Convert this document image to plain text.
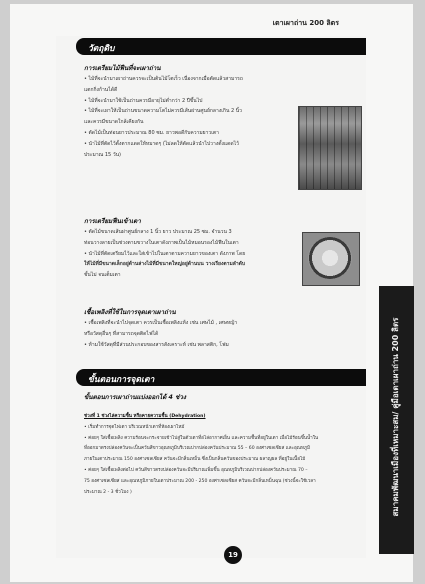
เตาเผาถ่าน 200 ลิตร
วัตถุดิบ
การเตรียมไม้ฟืนที่จะเผาถ่าน
• ไม้ที่จะนำมาเผาถ่านควรจะเป็นต้นไม้โตเร็ว เนื่องจากเมื่อตัดแล้วสามารถ
แตกกิ่งก้านได้ดี
• ไม้ที่จะนำมาใช้เป็นถ่านควรมีอายุไม่ต่ำกว่า 2 ปีขึ้นไป
• ไม้ที่จะเผาให้เป็นถ่านขนาดความโตไม่ควรมีเส้นผ่านศูนย์กลางเกิน 2 นิ้ว
และควรมีขนาดใกล้เคียงกัน
• ตัดไม้เป็นท่อนยาวประมาณ 80 ซม. ยาวพอดีกับความยาวเตา
• นำไม้ที่ตัดไว้ตั้งตากแดดให้หมาดๆ (ไม่ลดให้ตัดแล้วนำไปวางตั้งแดดไว้
ประมาณ 15 วัน)
การเตรียมฟืนเข้าเตา
• ตัดไม้ขนาดเส้นผ่าศูนย์กลาง 1 นิ้ว ยาว ประมาณ 25 ซม. จำนวน 3
ท่อนวางลายเป็นช่วงตามขวางในเตาดังภาพเป็นไม้หมอนรองไม้ฟืนในเตา
• นำไม้ที่ตัดเตรียมไว้และใส่เข้าไปในเตาตามความยาวของเตา ดังภาพ โดย
ให้ไม้ที่มีขนาดเล็กอยู่ด้านล่างไม้ที่มีขนาดใหญ่อยู่ด้านบน วางเรียงตามลำดับ
ชั้นไม่ จนเต็มเตา
เชื้อเพลิงที่ใช้ในการจุดเตาเผาถ่าน
• เชื้อเพลิงที่จะนำไปจุดเตา ควรเป็นเชื้อเพลิงแห้ง เช่น เศษไม้ , เศษหญ้า
หรือวัสดุอื่นๆ ที่สามารถจุดติดไฟได้
• ห้ามใช้วัสดุที่มีส่วนประกอบของสารสังเคราะห์ เช่น พลาสติก, โฟม
ขั้นตอนการจุดเตา
ขั้นตอนการเผาถ่านแบ่งออกได้ 4 ช่วง
ช่วงที่ 1 ช่วงไล่ความชื้น หรือคายความชื้น (Dehydration)
• เริ่มทำการจุดไฟเตา บริเวณหน้าเตาที่ห้องเผาไหม้
• ค่อยๆ ใส่เชื้อเพลิง ความร้อนจะกระจายเข้าไปสู่ในตัวเตาที่อไล่อากาศเย็น และความชื้นที่อยู่ในเตา เมื่อไม้ร้อนขึ้นน้ำใน
ที่ออกมาตรงปล่องควันจะเป็นควันสีขาวอุณหภูมิบริเวณปากปล่องควันประมาณ 55 – 60 องศาเซลเซียส และอุณหภูมิ
ภายในเตาประมาณ 150 องศาเซลเซียส ควันจะมีกลิ่นเหม็น ซึ่งเป็นกลิ่นควันของประมาณ ผลาญผล ที่อยู่ในเนื้อไม้
• ค่อยๆ ใส่เชื้อเพลิงต่อไป ควันสีขาวตรงปล่องควันจะมีปริมาณเพิ่มขึ้น อุณหภูมิบริเวณปากปล่องควันประมาณ 70 –
75 องศาเซลเซียส และอุณหภูมิภายในเตาประมาณ 200 - 250 องศาเซลเซียส ควันจะมีกลิ่นเหม็นฉุน (ช่วงนี้จะใช้เวลา
ประมาณ 2 - 3 ชั่วโมง )	สมาคมพัฒนาเมืองที่เหมาะสม/ คู่มือเตาเผาถ่าน 200 ลิตร
19
